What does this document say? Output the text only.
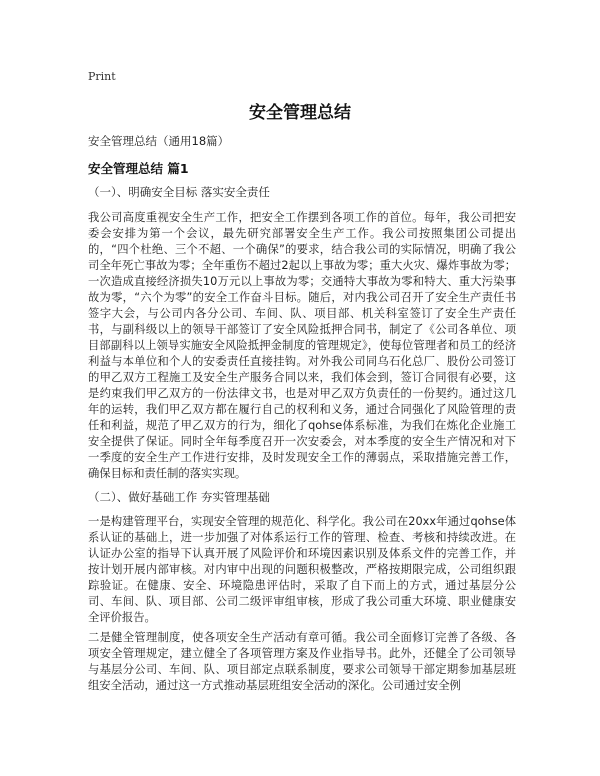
Print
安全管理总结
安全管理总结（通用18篇）
安全管理总结 篇1
（一）、明确安全目标 落实安全责任

我公司高度重视安全生产工作，把安全工作摆到各项工作的首位。每年，我公司把安委会安排为第一个会议，最先研究部署安全生产工作。我公司按照集团公司提出的，“四个杜绝、三个不超、一个确保”的要求，结合我公司的实际情况，明确了我公司全年死亡事故为零；全年重伤不超过2起以上事故为零；重大火灾、爆炸事故为零；一次造成直接经济损失10万元以上事故为零；交通特大事故为零和特大、重大污染事故为零，“六个为零”的安全工作奋斗目标。随后，对内我公司召开了安全生产责任书签字大会，与公司内各分公司、车间、队、项目部、机关科室签订了安全生产责任书，与副科级以上的领导干部签订了安全风险抵押合同书，制定了《公司各单位、项目部副科以上领导实施安全风险抵押金制度的管理规定》，使每位管理者和员工的经济利益与本单位和个人的安委责任直接挂钩。对外我公司同乌石化总厂、股份公司签订的甲乙双方工程施工及安全生产服务合同以来，我们体会到，签订合同很有必要，这是约束我们甲乙双方的一份法律文书，也是对甲乙双方负责任的一份契约。通过这几年的运转，我们甲乙双方都在履行自己的权利和义务，通过合同强化了风险管理的责任和利益，规范了甲乙双方的行为，细化了qohse体系标准，为我们在炼化企业施工安全提供了保证。同时全年每季度召开一次安委会，对本季度的安全生产情况和对下一季度的安全生产工作进行安排，及时发现安全工作的薄弱点，采取措施完善工作，确保目标和责任制的落实实现。

（二）、做好基础工作 夯实管理基础

一是构建管理平台，实现安全管理的规范化、科学化。我公司在20xx年通过qohse体系认证的基础上，进一步加强了对体系运行工作的管理、检查、考核和持续改进。在认证办公室的指导下认真开展了风险评价和环境因素识别及体系文件的完善工作，并按计划开展内部审核。对内审中出现的问题积极整改，严格按期限完成，公司组织跟踪验证。在健康、安全、环境隐患评估时，采取了自下而上的方式，通过基层分公司、车间、队、项目部、公司二级评审组审核，形成了我公司重大环境、职业健康安全评价报告。

二是健全管理制度，使各项安全生产活动有章可循。我公司全面修订完善了各级、各项安全管理规定，建立健全了各项管理方案及作业指导书。此外，还健全了公司领导与基层分公司、车间、队、项目部定点联系制度，要求公司领导干部定期参加基层班组安全活动，通过这一方式推动基层班组安全活动的深化。公司通过安全例
